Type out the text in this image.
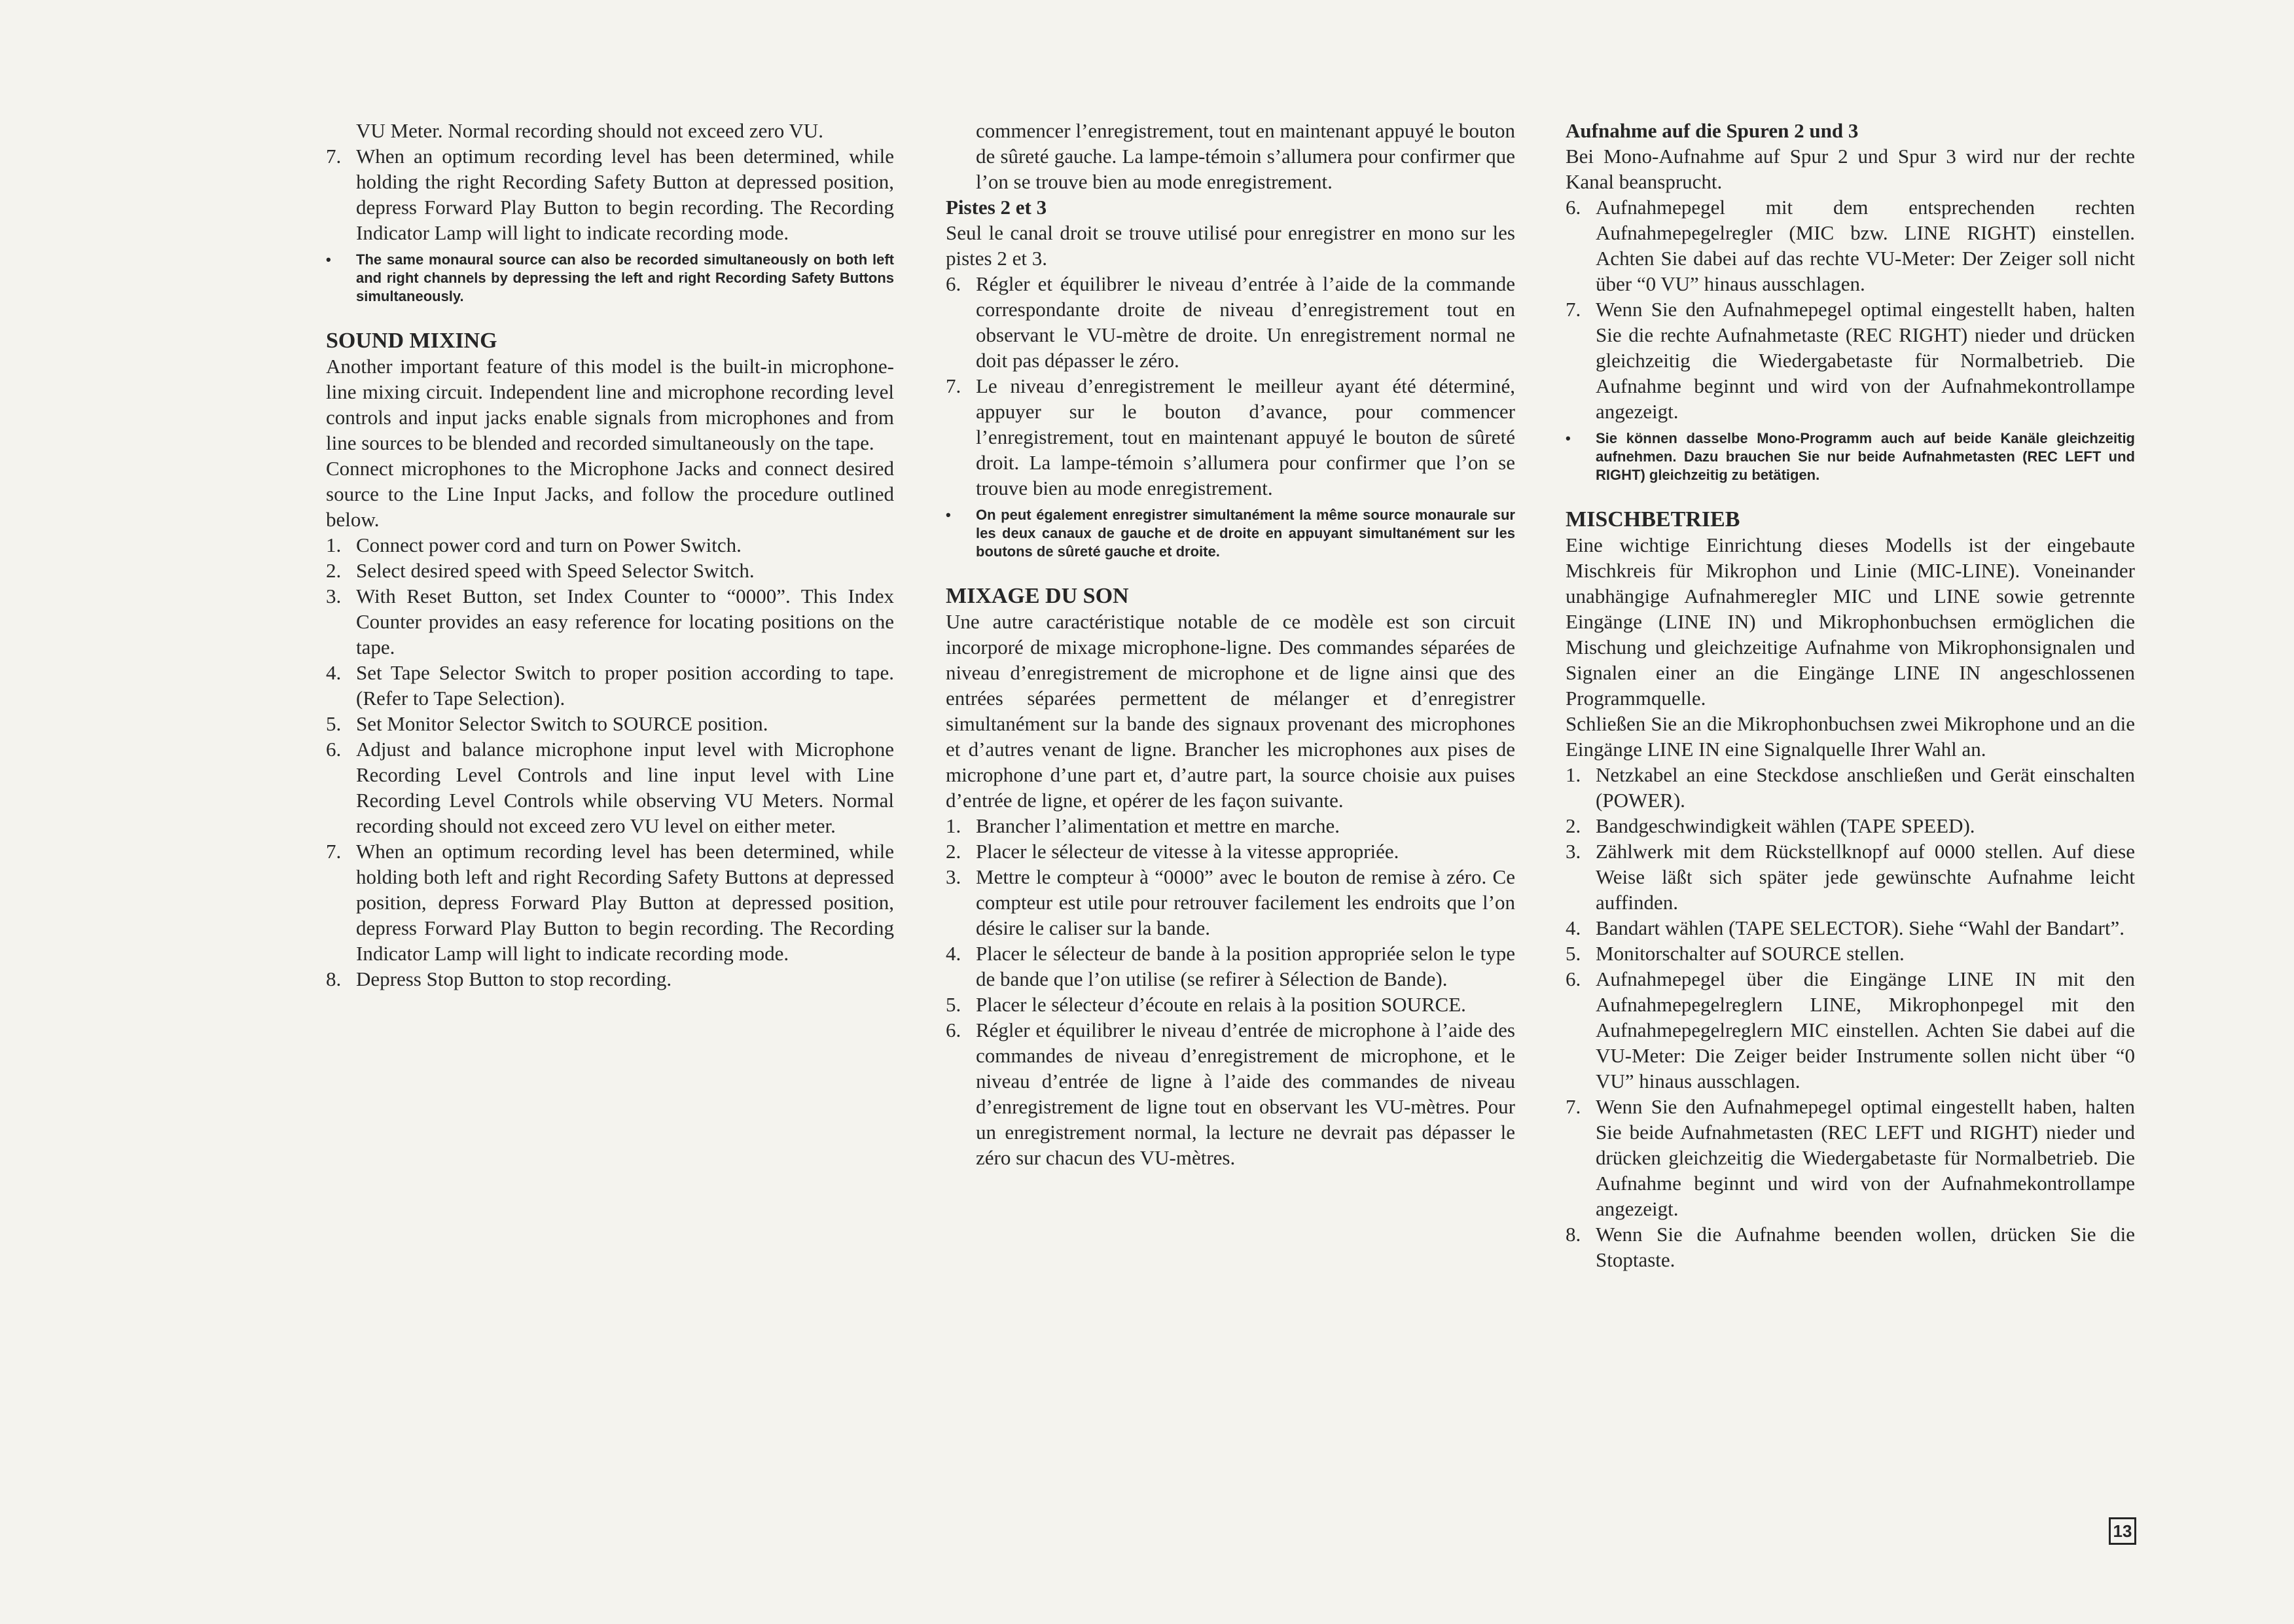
VU Meter. Normal recording should not exceed zero VU.

7. When an optimum recording level has been determined, while holding the right Recording Safety Button at depressed position, depress Forward Play Button to begin recording. The Recording Indicator Lamp will light to indicate recording mode.
• The same monaural source can also be recorded simultaneously on both left and right channels by depressing the left and right Recording Safety Buttons simultaneously.
SOUND MIXING

Another important feature of this model is the built-in microphone-line mixing circuit. Independent line and microphone recording level controls and input jacks enable signals from microphones and from line sources to be blended and recorded simultaneously on the tape.

Connect microphones to the Microphone Jacks and connect desired source to the Line Input Jacks, and follow the procedure outlined below.

1. Connect power cord and turn on Power Switch.
2. Select desired speed with Speed Selector Switch.
3. With Reset Button, set Index Counter to “0000”. This Index Counter provides an easy reference for locating positions on the tape.
4. Set Tape Selector Switch to proper position according to tape. (Refer to Tape Selection).
5. Set Monitor Selector Switch to SOURCE position.
6. Adjust and balance microphone input level with Microphone Recording Level Controls and line input level with Line Recording Level Controls while observing VU Meters. Normal recording should not exceed zero VU level on either meter.
7. When an optimum recording level has been determined, while holding both left and right Recording Safety Buttons at depressed position, depress Forward Play Button at depressed position, depress Forward Play Button to begin recording. The Recording Indicator Lamp will light to indicate recording mode.
8. Depress Stop Button to stop recording.

commencer l’enregistrement, tout en maintenant appuyé le bouton de sûreté gauche. La lampe-témoin s’allumera pour confirmer que l’on se trouve bien au mode enregistrement.

Pistes 2 et 3

Seul le canal droit se trouve utilisé pour enregistrer en mono sur les pistes 2 et 3.

6. Régler et équilibrer le niveau d’entrée à l’aide de la commande correspondante droite de niveau d’enregistrement tout en observant le VU-mètre de droite. Un enregistrement normal ne doit pas dépasser le zéro.
7. Le niveau d’enregistrement le meilleur ayant été déterminé, appuyer sur le bouton d’avance, pour commencer l’enregistrement, tout en maintenant appuyé le bouton de sûreté droit. La lampe-témoin s’allumera pour confirmer que l’on se trouve bien au mode enregistrement.
• On peut également enregistrer simultanément la même source monaurale sur les deux canaux de gauche et de droite en appuyant simultanément sur les boutons de sûreté gauche et droite.
MIXAGE DU SON

Une autre caractéristique notable de ce modèle est son circuit incorporé de mixage microphone-ligne. Des commandes séparées de niveau d’enregistrement de microphone et de ligne ainsi que des entrées séparées permettent de mélanger et d’enregistrer simultanément sur la bande des signaux provenant des microphones et d’autres venant de ligne. Brancher les microphones aux pises de microphone d’une part et, d’autre part, la source choisie aux puises d’entrée de ligne, et opérer de les façon suivante.

1. Brancher l’alimentation et mettre en marche.
2. Placer le sélecteur de vitesse à la vitesse appropriée.
3. Mettre le compteur à “0000” avec le bouton de remise à zéro. Ce compteur est utile pour retrouver facilement les endroits que l’on désire le caliser sur la bande.
4. Placer le sélecteur de bande à la position appropriée selon le type de bande que l’on utilise (se refirer à Sélection de Bande).
5. Placer le sélecteur d’écoute en relais à la position SOURCE.
6. Régler et équilibrer le niveau d’entrée de microphone à l’aide des commandes de niveau d’enregistrement de microphone, et le niveau d’entrée de ligne à l’aide des commandes de niveau d’enregistrement de ligne tout en observant les VU-mètres. Pour un enregistrement normal, la lecture ne devrait pas dépasser le zéro sur chacun des VU-mètres.

Aufnahme auf die Spuren 2 und 3

Bei Mono-Aufnahme auf Spur 2 und Spur 3 wird nur der rechte Kanal beansprucht.

6. Aufnahmepegel mit dem entsprechenden rechten Aufnahmepegelregler (MIC bzw. LINE RIGHT) einstellen. Achten Sie dabei auf das rechte VU-Meter: Der Zeiger soll nicht über “0 VU” hinaus ausschlagen.
7. Wenn Sie den Aufnahmepegel optimal eingestellt haben, halten Sie die rechte Aufnahmetaste (REC RIGHT) nieder und drücken gleichzeitig die Wiedergabetaste für Normalbetrieb. Die Aufnahme beginnt und wird von der Aufnahmekontrollampe angezeigt.
• Sie können dasselbe Mono-Programm auch auf beide Kanäle gleichzeitig aufnehmen. Dazu brauchen Sie nur beide Aufnahmetasten (REC LEFT und RIGHT) gleichzeitig zu betätigen.
MISCHBETRIEB

Eine wichtige Einrichtung dieses Modells ist der eingebaute Mischkreis für Mikrophon und Linie (MIC-LINE). Voneinander unabhängige Aufnahmeregler MIC und LINE sowie getrennte Eingänge (LINE IN) und Mikrophonbuchsen ermöglichen die Mischung und gleichzeitige Aufnahme von Mikrophonsignalen und Signalen einer an die Eingänge LINE IN angeschlossenen Programmquelle.

Schließen Sie an die Mikrophonbuchsen zwei Mikrophone und an die Eingänge LINE IN eine Signalquelle Ihrer Wahl an.

1. Netzkabel an eine Steckdose anschließen und Gerät einschalten (POWER).
2. Bandgeschwindigkeit wählen (TAPE SPEED).
3. Zählwerk mit dem Rückstellknopf auf 0000 stellen. Auf diese Weise läßt sich später jede gewünschte Aufnahme leicht auffinden.
4. Bandart wählen (TAPE SELECTOR). Siehe “Wahl der Bandart”.
5. Monitorschalter auf SOURCE stellen.
6. Aufnahmepegel über die Eingänge LINE IN mit den Aufnahmepegelreglern LINE, Mikrophonpegel mit den Aufnahmepegelreglern MIC einstellen. Achten Sie dabei auf die VU-Meter: Die Zeiger beider Instrumente sollen nicht über “0 VU” hinaus ausschlagen.
7. Wenn Sie den Aufnahmepegel optimal eingestellt haben, halten Sie beide Aufnahmetasten (REC LEFT und RIGHT) nieder und drücken gleichzeitig die Wiedergabetaste für Normalbetrieb. Die Aufnahme beginnt und wird von der Aufnahmekontrollampe angezeigt.
8. Wenn Sie die Aufnahme beenden wollen, drücken Sie die Stoptaste.
13
